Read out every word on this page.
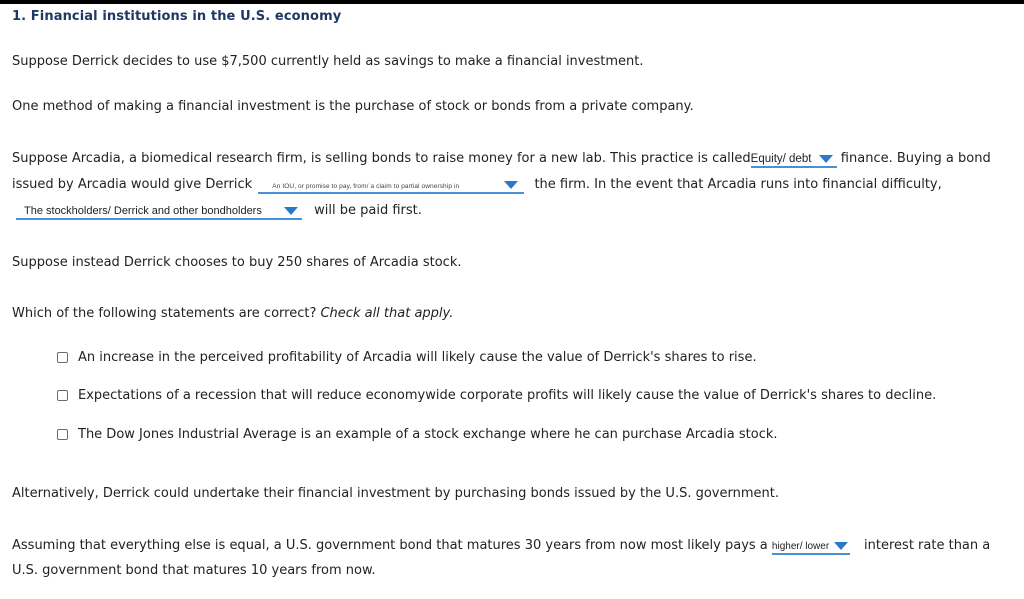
1. Financial institutions in the U.S. economy
Suppose Derrick decides to use $7,500 currently held as savings to make a financial investment.
One method of making a financial investment is the purchase of stock or bonds from a private company.
Suppose Arcadia, a biomedical research firm, is selling bonds to raise money for a new lab. This practice is calledEquity/ debt
finance. Buying a bond
issued by Arcadia would give Derrick	An IOU, or promise to pay, from/ a claim to partial ownership in	the firm. In the event that Arcadia runs into financial difficulty,
The stockholders/ Derrick and other bondholders	will be paid first.
Suppose instead Derrick chooses to buy 250 shares of Arcadia stock.
Which of the following statements are correct? Check all that apply.
An increase in the perceived profitability of Arcadia will likely cause the value of Derrick's shares to rise.
Expectations of a recession that will reduce economywide corporate profits will likely cause the value of Derrick's shares to decline.
The Dow Jones Industrial Average is an example of a stock exchange where he can purchase Arcadia stock.
Alternatively, Derrick could undertake their financial investment by purchasing bonds issued by the U.S. government.
Assuming that everything else is equal, a U.S. government bond that matures 30 years from now most likely pays a higher/ lower	interest rate than a
U.S. government bond that matures 10 years from now.
